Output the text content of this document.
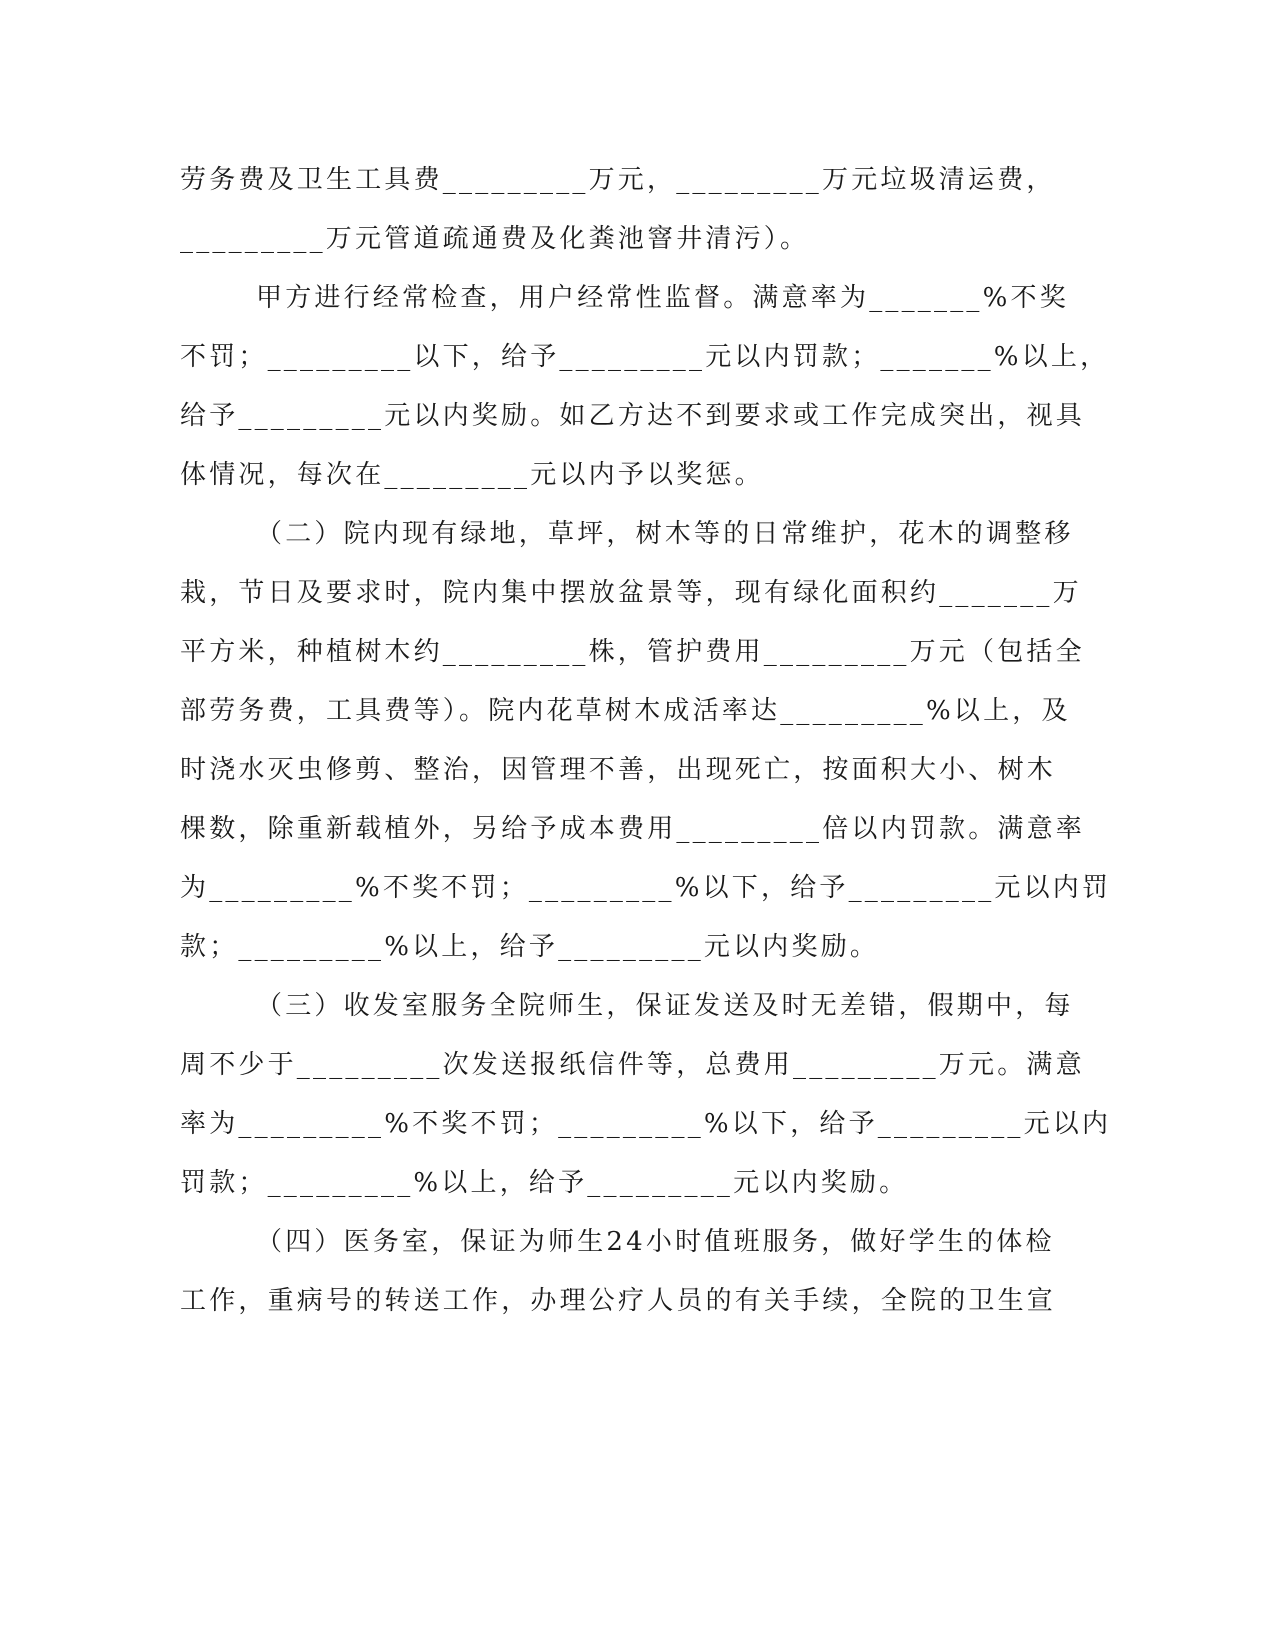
劳务费及卫生工具费_________万元，_________万元垃圾清运费，
_________万元管道疏通费及化粪池窨井清污）。
甲方进行经常检查，用户经常性监督。满意率为_______%不奖
不罚；_________以下，给予_________元以内罚款；_______%以上，
给予_________元以内奖励。如乙方达不到要求或工作完成突出，视具
体情况，每次在_________元以内予以奖惩。
（二）院内现有绿地，草坪，树木等的日常维护，花木的调整移
栽，节日及要求时，院内集中摆放盆景等，现有绿化面积约_______万
平方米，种植树木约_________株，管护费用_________万元（包括全
部劳务费，工具费等）。院内花草树木成活率达_________%以上，及
时浇水灭虫修剪、整治，因管理不善，出现死亡，按面积大小、树木
棵数，除重新载植外，另给予成本费用_________倍以内罚款。满意率
为_________%不奖不罚；_________%以下，给予_________元以内罚
款；_________%以上，给予_________元以内奖励。
（三）收发室服务全院师生，保证发送及时无差错，假期中，每
周不少于_________次发送报纸信件等，总费用_________万元。满意
率为_________%不奖不罚；_________%以下，给予_________元以内
罚款；_________%以上，给予_________元以内奖励。
（四）医务室，保证为师生24小时值班服务，做好学生的体检
工作，重病号的转送工作，办理公疗人员的有关手续，全院的卫生宣
